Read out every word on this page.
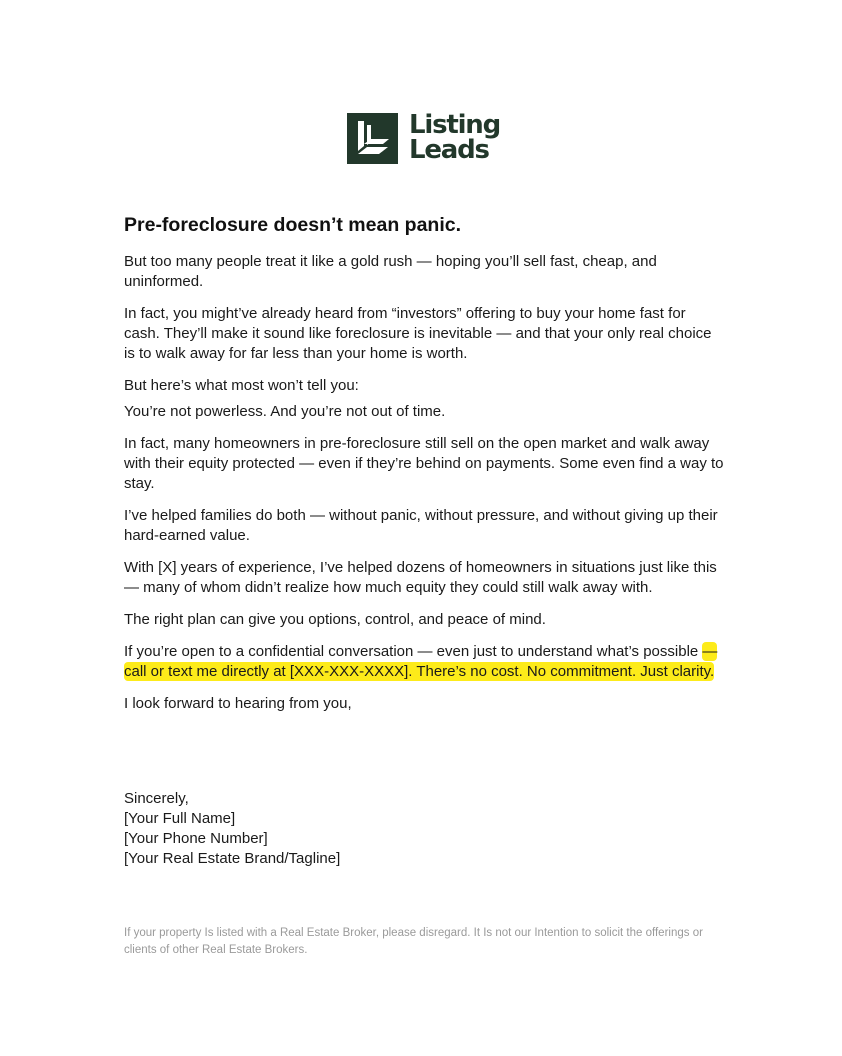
Listing
Leads
Pre-foreclosure doesn’t mean panic.

But too many people treat it like a gold rush — hoping you’ll sell fast, cheap, and uninformed.

In fact, you might’ve already heard from “investors” offering to buy your home fast for cash. They’ll make it sound like foreclosure is inevitable — and that your only real choice is to walk away for far less than your home is worth.

But here’s what most won’t tell you:

You’re not powerless. And you’re not out of time.

In fact, many homeowners in pre-foreclosure still sell on the open market and walk away with their equity protected — even if they’re behind on payments. Some even find a way to stay.

I’ve helped families do both — without panic, without pressure, and without giving up their hard-earned value.

With [X] years of experience, I’ve helped dozens of homeowners in situations just like this — many of whom didn’t realize how much equity they could still walk away with.

The right plan can give you options, control, and peace of mind.

If you’re open to a confidential conversation — even just to understand what’s possible — call or text me directly at [XXX-XXX-XXXX]. There’s no cost. No commitment. Just clarity.

I look forward to hearing from you,

Sincerely,
[Your Full Name]
[Your Phone Number]
[Your Real Estate Brand/Tagline]
If your property Is listed with a Real Estate Broker, please disregard. It Is not our Intention to solicit the offerings or clients of other Real Estate Brokers.
